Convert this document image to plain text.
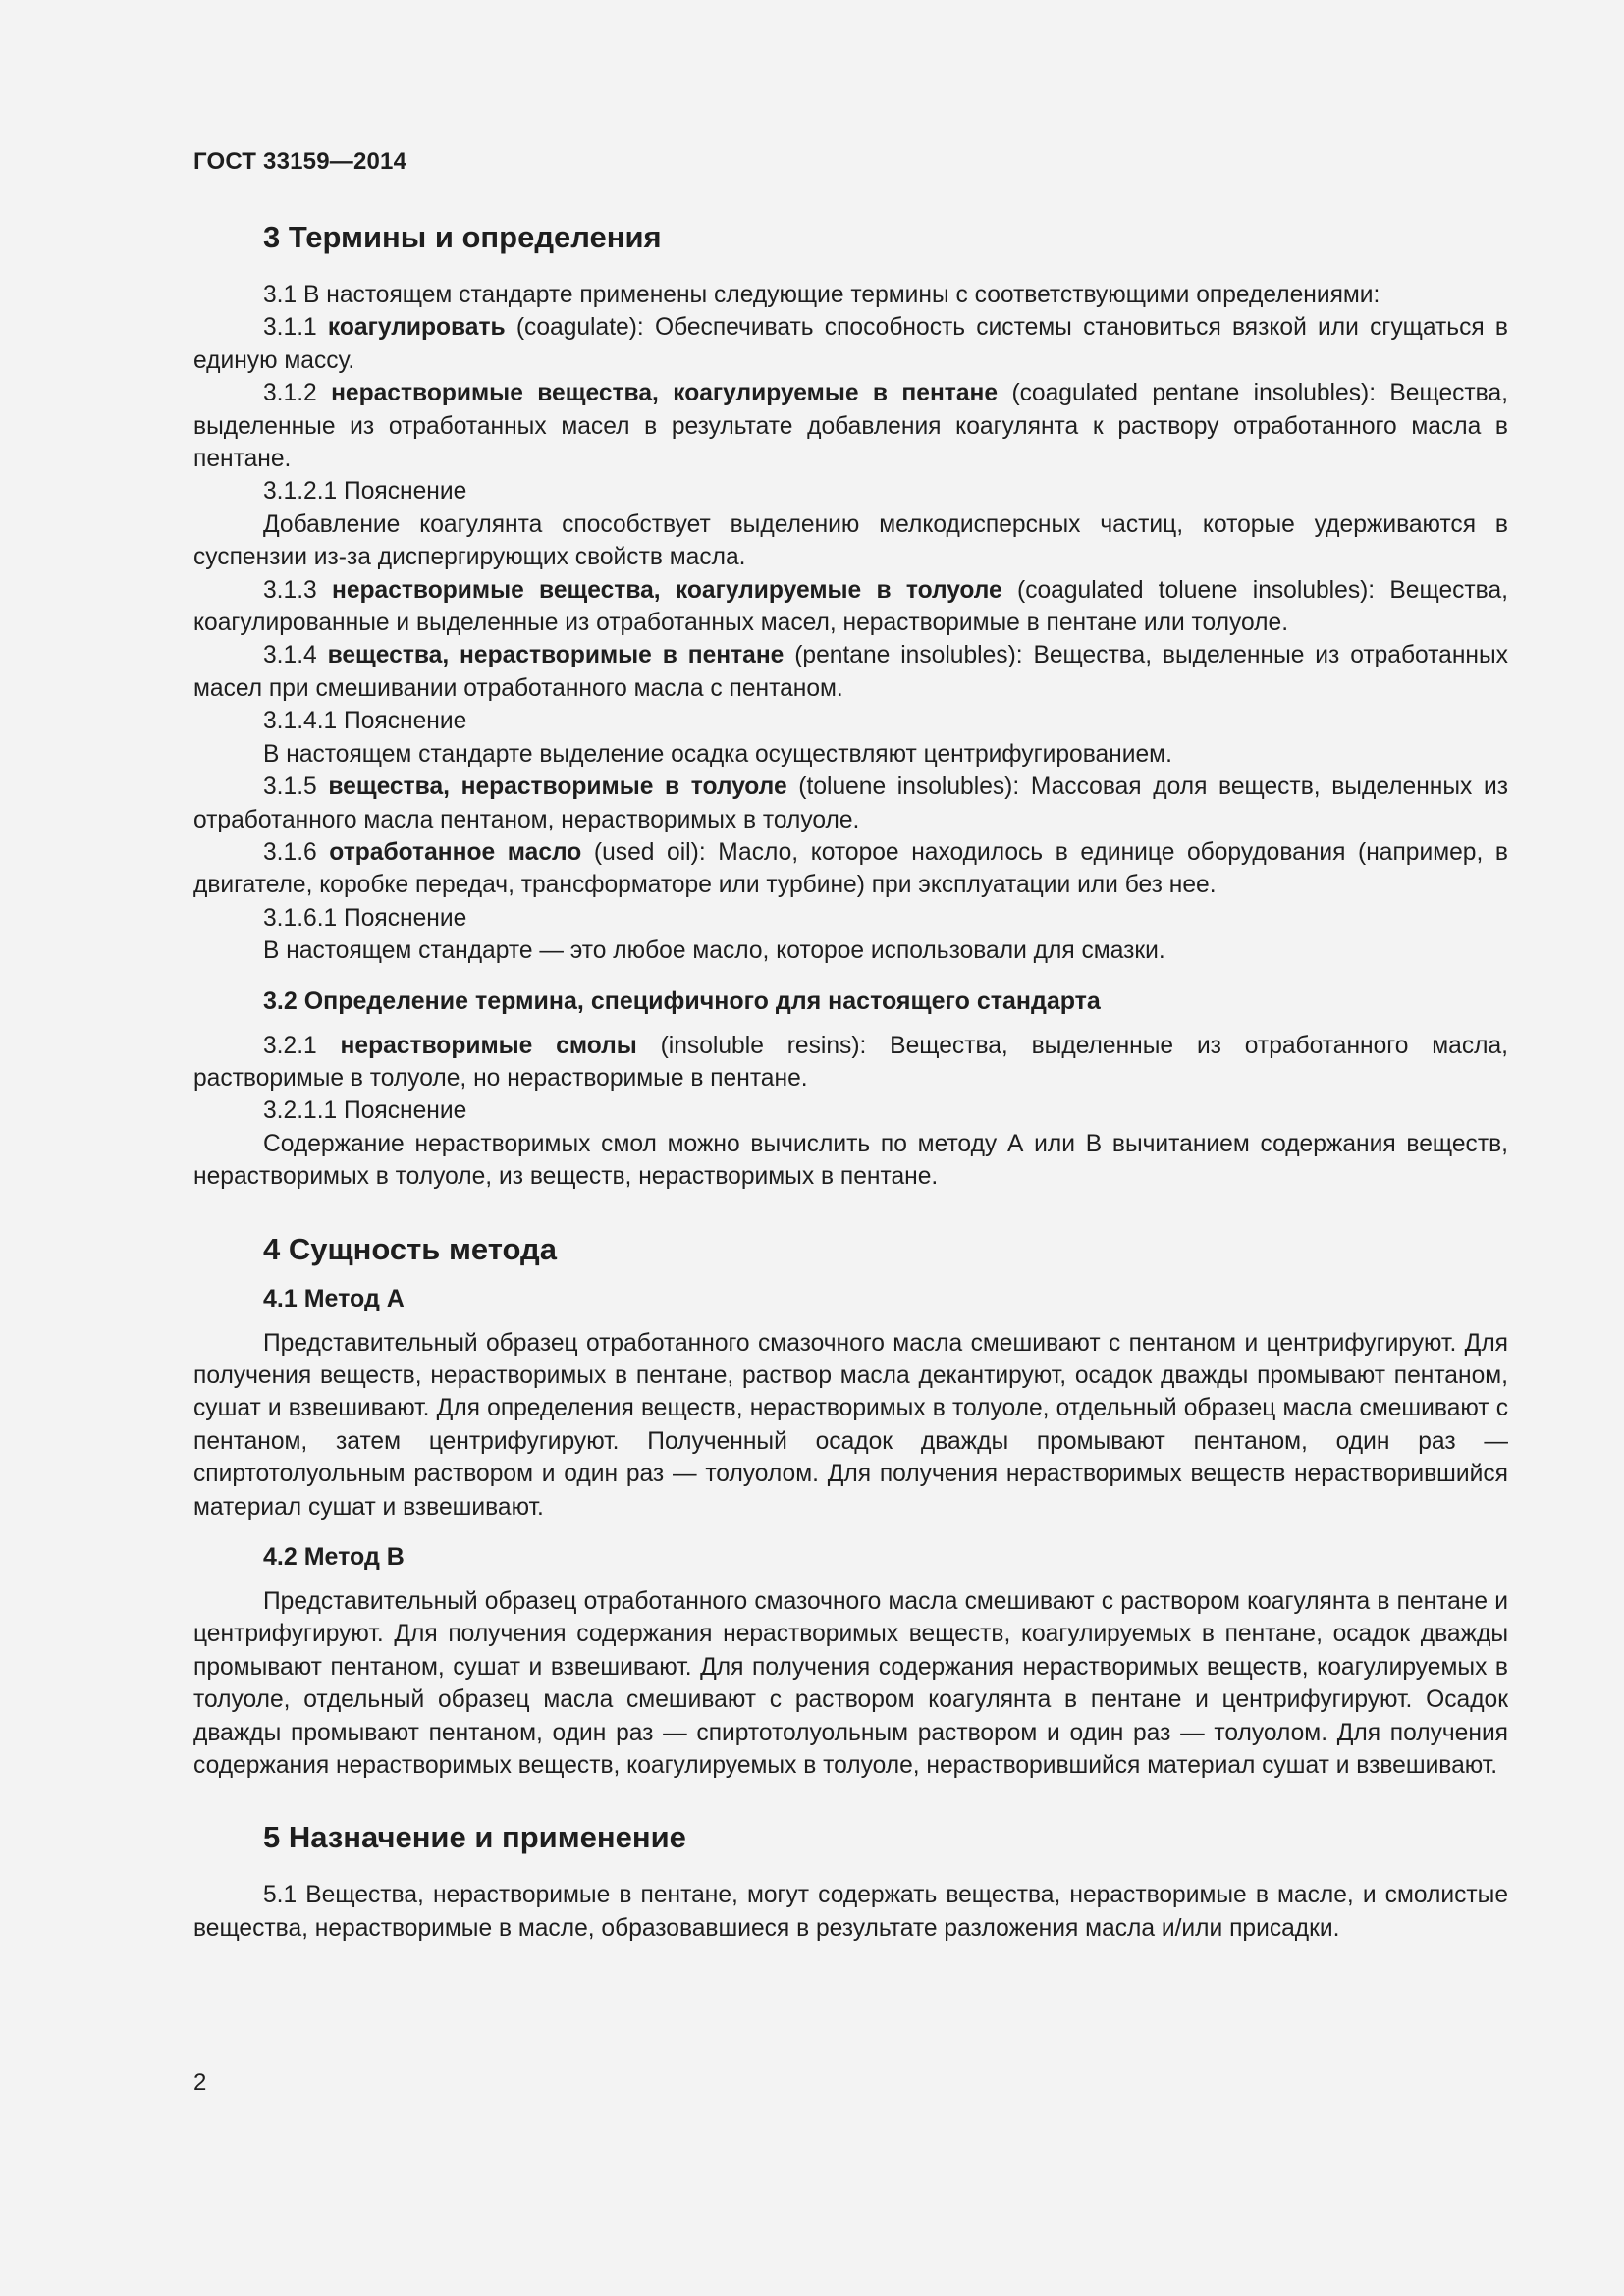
ГОСТ 33159—2014
3 Термины и определения

3.1 В настоящем стандарте применены следующие термины с соответствующими определениями:

3.1.1 коагулировать (coagulate): Обеспечивать способность системы становиться вязкой или сгущаться в единую массу.

3.1.2 нерастворимые вещества, коагулируемые в пентане (coagulated pentane insolubles): Вещества, выделенные из отработанных масел в результате добавления коагулянта к раствору отработанного масла в пентане.

3.1.2.1 Пояснение

Добавление коагулянта способствует выделению мелкодисперсных частиц, которые удерживаются в суспензии из-за диспергирующих свойств масла.

3.1.3 нерастворимые вещества, коагулируемые в толуоле (coagulated toluene insolubles): Вещества, коагулированные и выделенные из отработанных масел, нерастворимые в пентане или толуоле.

3.1.4 вещества, нерастворимые в пентане (pentane insolubles): Вещества, выделенные из отработанных масел при смешивании отработанного масла с пентаном.

3.1.4.1 Пояснение

В настоящем стандарте выделение осадка осуществляют центрифугированием.

3.1.5 вещества, нерастворимые в толуоле (toluene insolubles): Массовая доля веществ, выделенных из отработанного масла пентаном, нерастворимых в толуоле.

3.1.6 отработанное масло (used oil): Масло, которое находилось в единице оборудования (например, в двигателе, коробке передач, трансформаторе или турбине) при эксплуатации или без нее.

3.1.6.1 Пояснение

В настоящем стандарте — это любое масло, которое использовали для смазки.

3.2 Определение термина, специфичного для настоящего стандарта

3.2.1 нерастворимые смолы (insoluble resins): Вещества, выделенные из отработанного масла, растворимые в толуоле, но нерастворимые в пентане.

3.2.1.1 Пояснение

Содержание нерастворимых смол можно вычислить по методу А или В вычитанием содержания веществ, нерастворимых в толуоле, из веществ, нерастворимых в пентане.

4 Сущность метода
4.1 Метод А

Представительный образец отработанного смазочного масла смешивают с пентаном и центрифугируют. Для получения веществ, нерастворимых в пентане, раствор масла декантируют, осадок дважды промывают пентаном, сушат и взвешивают. Для определения веществ, нерастворимых в толуоле, отдельный образец масла смешивают с пентаном, затем центрифугируют. Полученный осадок дважды промывают пентаном, один раз — спиртотолуольным раствором и один раз — толуолом. Для получения нерастворимых веществ нерастворившийся материал сушат и взвешивают.

4.2 Метод В

Представительный образец отработанного смазочного масла смешивают с раствором коагулянта в пентане и центрифугируют. Для получения содержания нерастворимых веществ, коагулируемых в пентане, осадок дважды промывают пентаном, сушат и взвешивают. Для получения содержания нерастворимых веществ, коагулируемых в толуоле, отдельный образец масла смешивают с раствором коагулянта в пентане и центрифугируют. Осадок дважды промывают пентаном, один раз — спиртотолуольным раствором и один раз — толуолом. Для получения содержания нерастворимых веществ, коагулируемых в толуоле, нерастворившийся материал сушат и взвешивают.

5 Назначение и применение

5.1 Вещества, нерастворимые в пентане, могут содержать вещества, нерастворимые в масле, и смолистые вещества, нерастворимые в масле, образовавшиеся в результате разложения масла и/или присадки.

2
